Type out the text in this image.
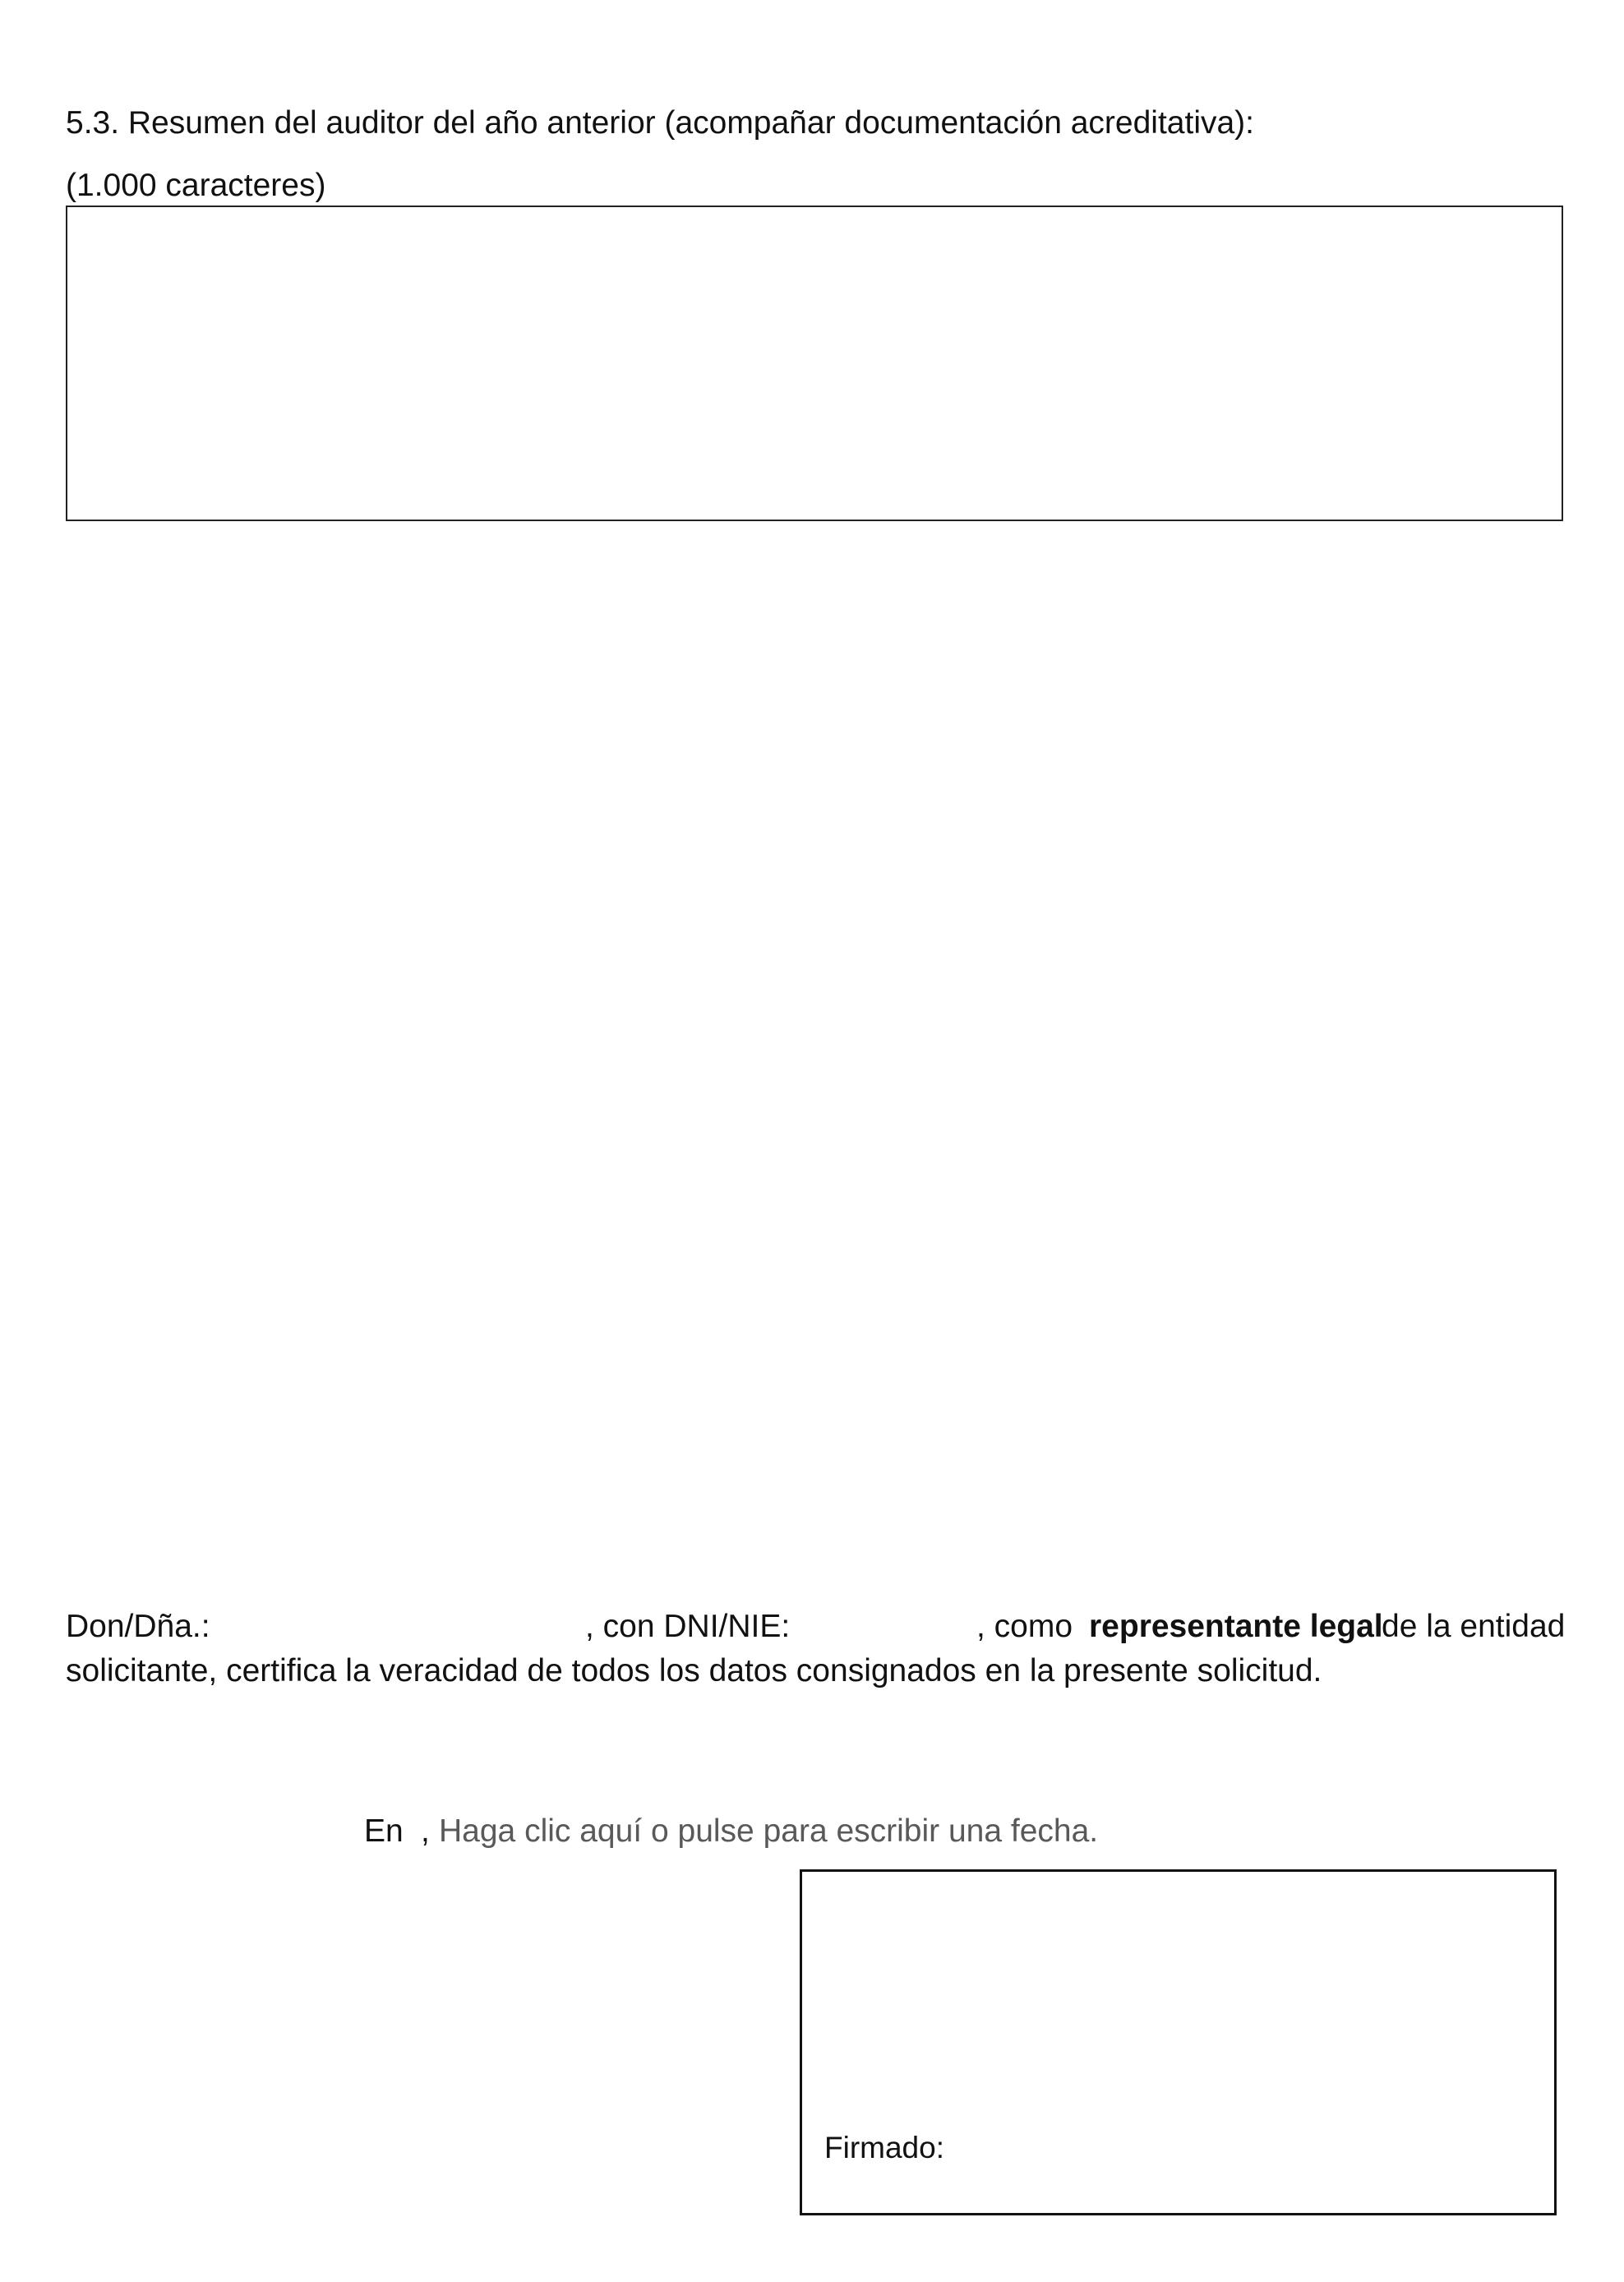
5.3. Resumen del auditor del año anterior (acompañar documentación acreditativa):
(1.000 caracteres)
Don/Dña.:	, con DNI/NIE:	, como representante legal
de la entidad
solicitante, certifica la veracidad de todos los datos consignados en la presente solicitud.
En , Haga clic aquí o pulse para escribir una fecha.
Firmado:
